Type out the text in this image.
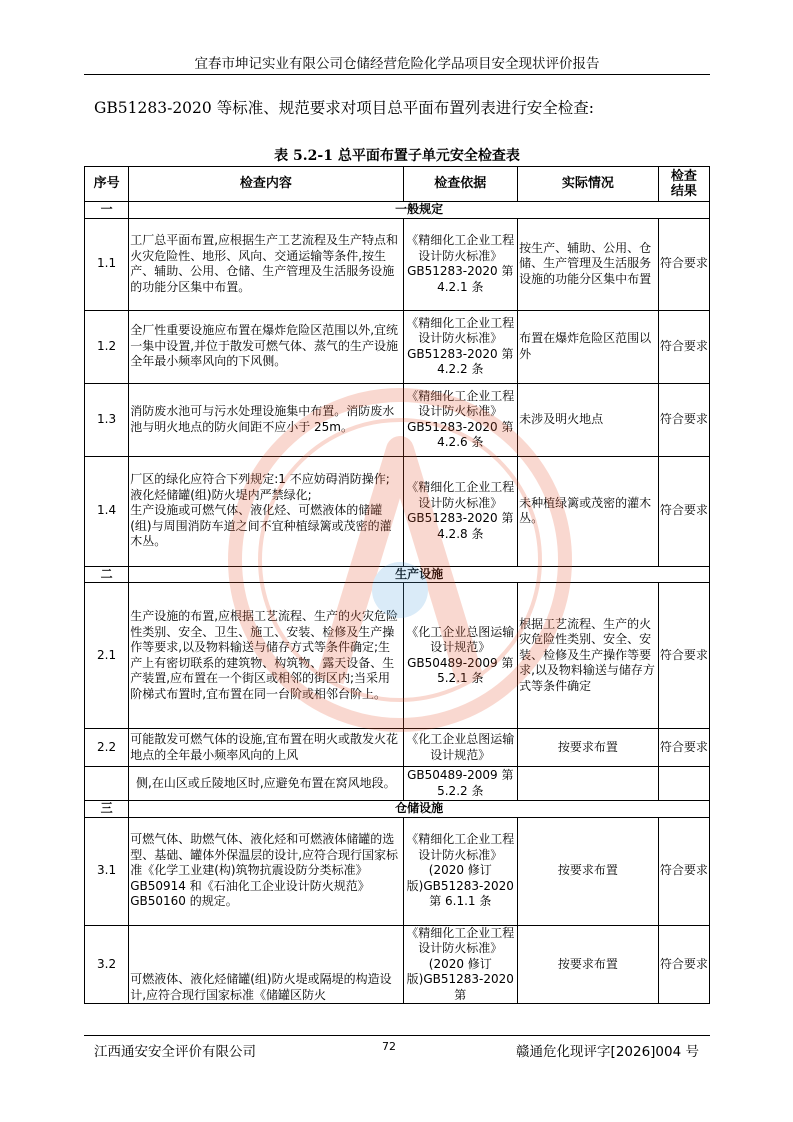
宜春市坤记实业有限公司仓储经营危险化学品项目安全现状评价报告
GB51283-2020 等标准、规范要求对项目总平面布置列表进行安全检查:
表 5.2-1 总平面布置子单元安全检查表
序号	检查内容	检查依据	实际情况	检查
结果
一	一般规定			
1.1	工厂总平面布置,应根据生产工艺流程及生产特点和火灾危险性、地形、风向、交通运输等条件,按生产、辅助、公用、仓储、生产管理及生活服务设施的功能分区集中布置。	《精细化工企业工程设计防火标准》GB51283-2020 第 4.2.1 条	按生产、辅助、公用、仓储、生产管理及生活服务设施的功能分区集中布置	符合要求
1.2	全厂性重要设施应布置在爆炸危险区范围以外,宜统一集中设置,并位于散发可燃气体、蒸气的生产设施全年最小频率风向的下风侧。	《精细化工企业工程设计防火标准》GB51283-2020 第 4.2.2 条	布置在爆炸危险区范围以外	符合要求
1.3	消防废水池可与污水处理设施集中布置。消防废水池与明火地点的防火间距不应小于 25m。	《精细化工企业工程设计防火标准》GB51283-2020 第 4.2.6 条	未涉及明火地点	符合要求
1.4	厂区的绿化应符合下列规定:1 不应妨碍消防操作;
液化烃储罐(组)防火堤内严禁绿化;
生产设施或可燃气体、液化烃、可燃液体的储罐(组)与周围消防车道之间不宜种植绿篱或茂密的灌木丛。	《精细化工企业工程设计防火标准》GB51283-2020 第 4.2.8 条	未种植绿篱或茂密的灌木丛。	符合要求
二	生产设施			
2.1	生产设施的布置,应根据工艺流程、生产的火灾危险性类别、安全、卫生、施工、安装、检修及生产操作等要求,以及物料输送与储存方式等条件确定;生产上有密切联系的建筑物、构筑物、露天设备、生产装置,应布置在一个街区或相邻的街区内;当采用阶梯式布置时,宜布置在同一台阶或相邻台阶上。	《化工企业总图运输设计规范》GB50489-2009 第 5.2.1 条	根据工艺流程、生产的火灾危险性类别、安全、安装、检修及生产操作等要求,以及物料输送与储存方式等条件确定	符合要求
2.2	可能散发可燃气体的设施,宜布置在明火或散发火花地点的全年最小频率风向的上风	《化工企业总图运输设计规范》	按要求布置	符合要求
	侧,在山区或丘陵地区时,应避免布置在窝风地段。	GB50489-2009 第 5.2.2 条		
三	仓储设施			
3.1	可燃气体、助燃气体、液化烃和可燃液体储罐的选型、基础、罐体外保温层的设计,应符合现行国家标准《化学工业建(构)筑物抗震设防分类标准》GB50914 和《石油化工企业设计防火规范》GB50160 的规定。	《精细化工企业工程设计防火标准》(2020 修订版)GB51283-2020 第 6.1.1 条	按要求布置	符合要求
3.2	可燃液体、液化烃储罐(组)防火堤或隔堤的构造设计,应符合现行国家标准《储罐区防火	《精细化工企业工程设计防火标准》(2020 修订版)GB51283-2020 第	按要求布置	符合要求
江西通安安全评价有限公司	72	赣通危化现评字[2026]004 号
